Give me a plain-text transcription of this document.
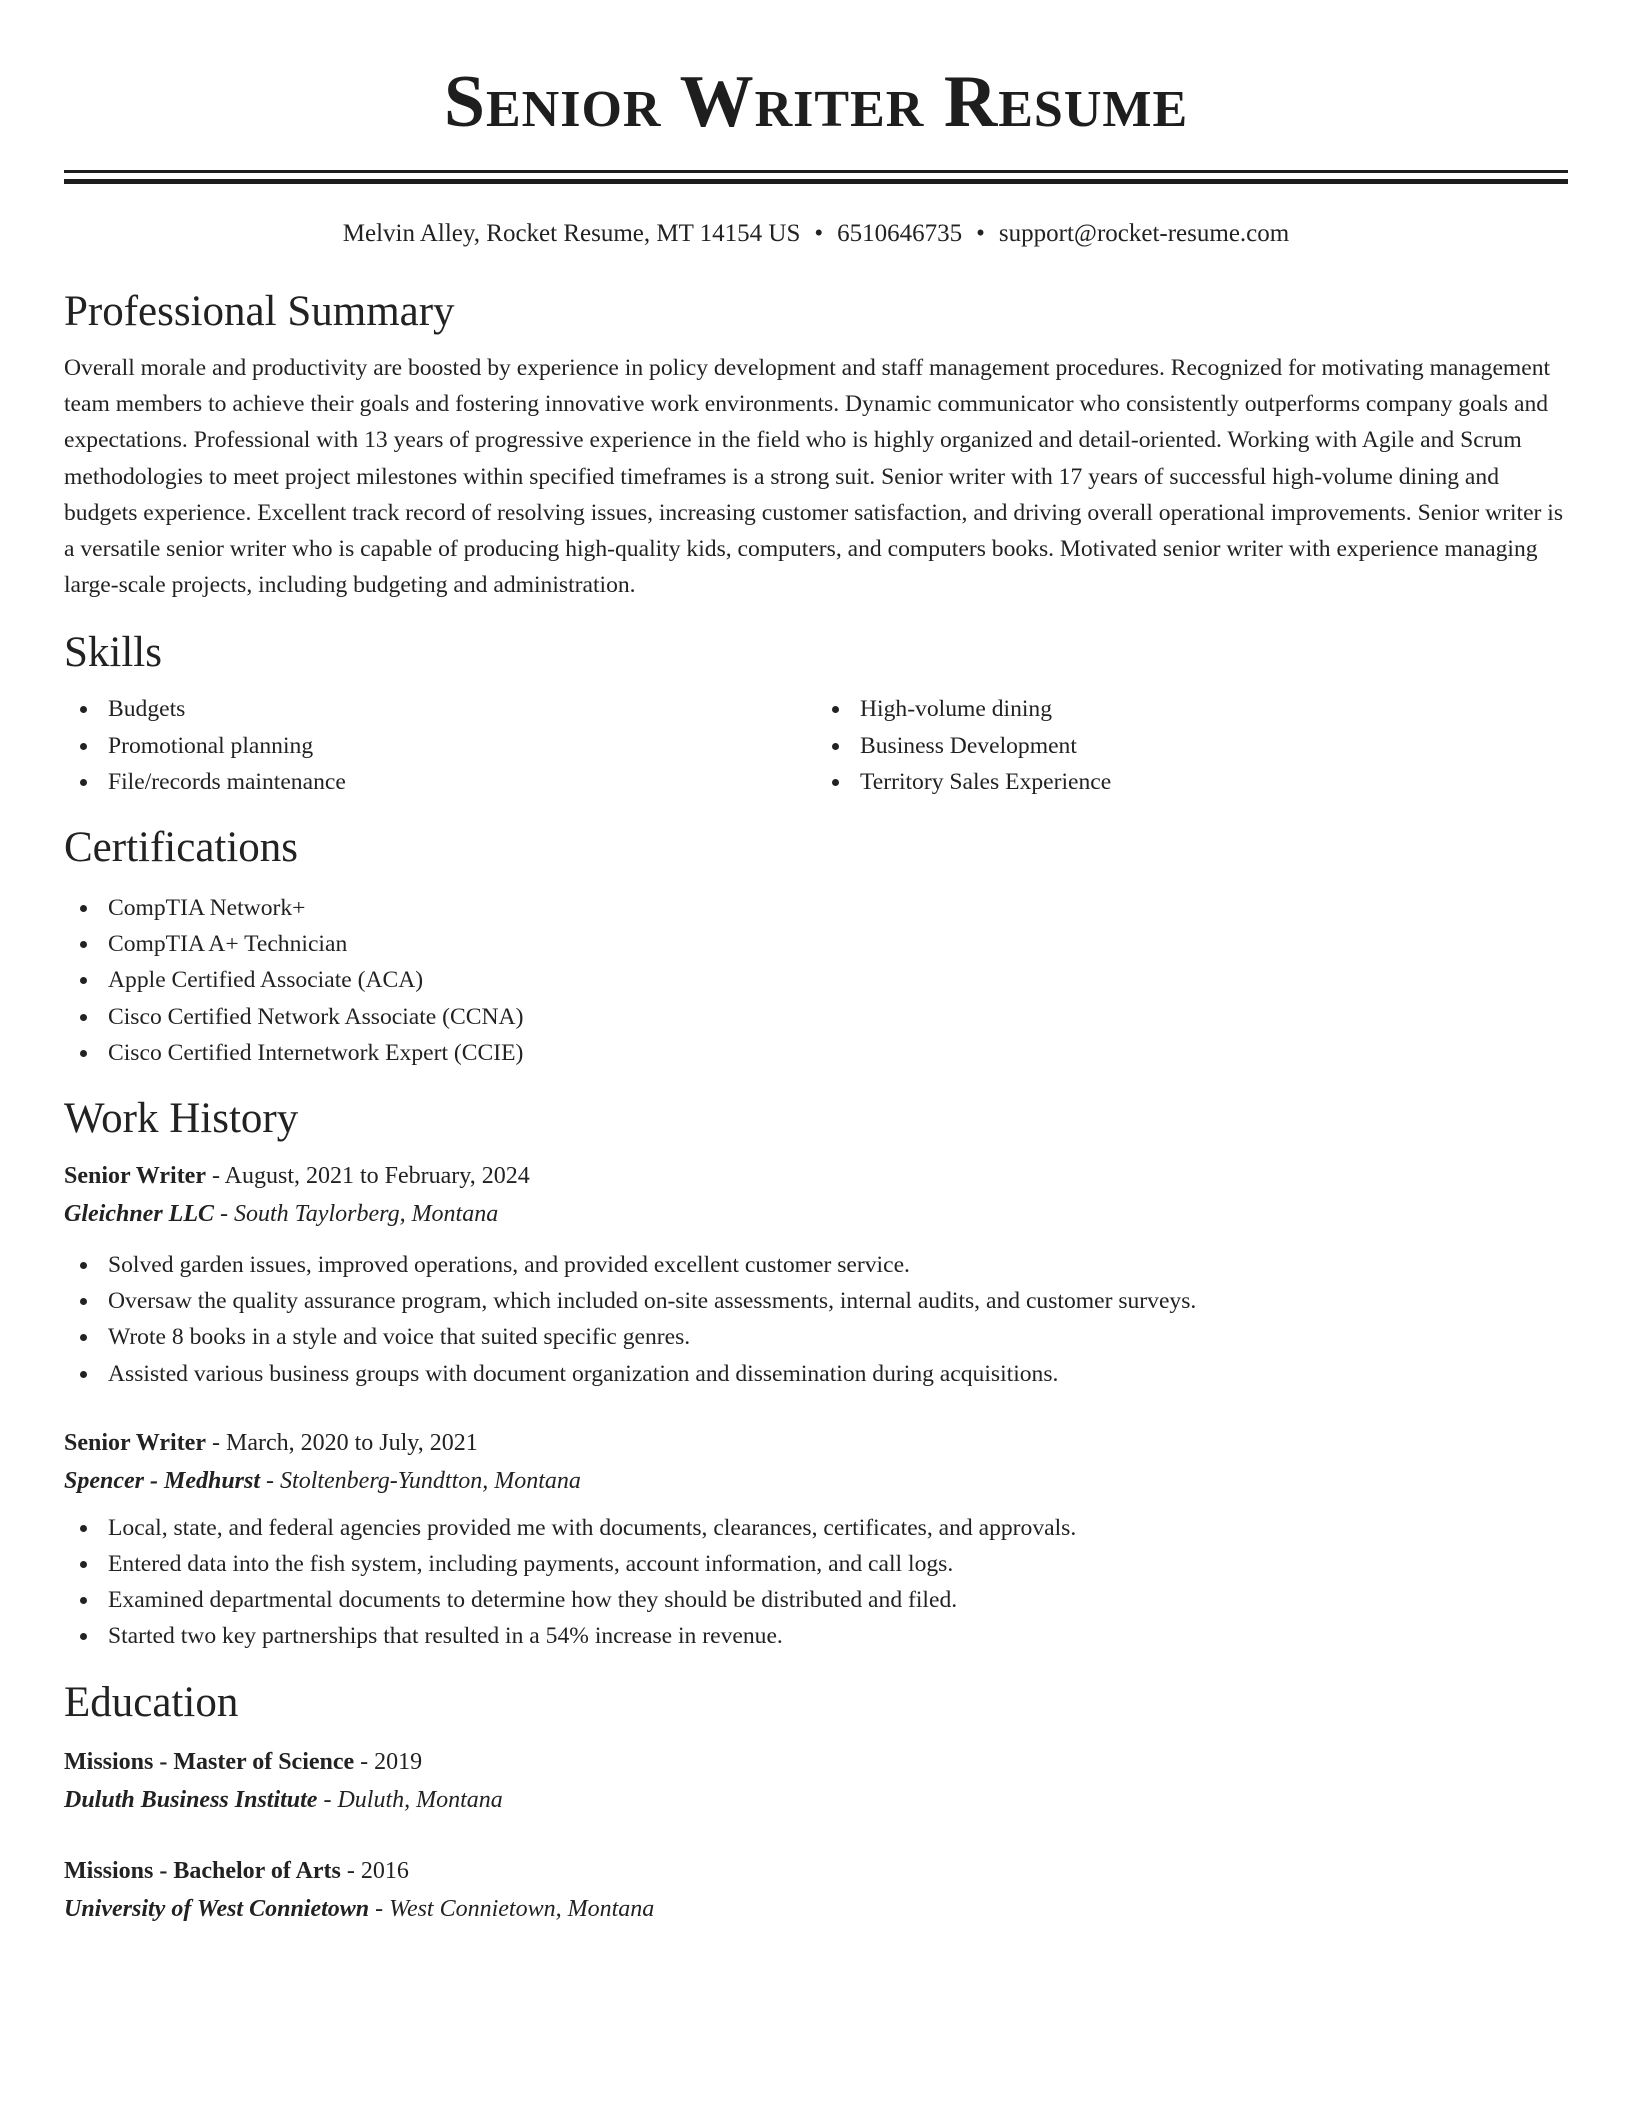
Senior Writer Resume
Melvin Alley, Rocket Resume, MT 14154 US • 6510646735 • support@rocket-resume.com
Professional Summary

Overall morale and productivity are boosted by experience in policy development and staff management procedures. Recognized for motivating management team members to achieve their goals and fostering innovative work environments. Dynamic communicator who consistently outperforms company goals and expectations. Professional with 13 years of progressive experience in the field who is highly organized and detail-oriented. Working with Agile and Scrum methodologies to meet project milestones within specified timeframes is a strong suit. Senior writer with 17 years of successful high-volume dining and budgets experience. Excellent track record of resolving issues, increasing customer satisfaction, and driving overall operational improvements. Senior writer is a versatile senior writer who is capable of producing high-quality kids, computers, and computers books. Motivated senior writer with experience managing large-scale projects, including budgeting and administration.

Skills
Budgets
Promotional planning
File/records maintenance
High-volume dining
Business Development
Territory Sales Experience
Certifications
CompTIA Network+
CompTIA A+ Technician
Apple Certified Associate (ACA)
Cisco Certified Network Associate (CCNA)
Cisco Certified Internetwork Expert (CCIE)
Work History
Senior Writer - August, 2021 to February, 2024
Gleichner LLC - South Taylorberg, Montana
Solved garden issues, improved operations, and provided excellent customer service.
Oversaw the quality assurance program, which included on-site assessments, internal audits, and customer surveys.
Wrote 8 books in a style and voice that suited specific genres.
Assisted various business groups with document organization and dissemination during acquisitions.
Senior Writer - March, 2020 to July, 2021
Spencer - Medhurst - Stoltenberg-Yundtton, Montana
Local, state, and federal agencies provided me with documents, clearances, certificates, and approvals.
Entered data into the fish system, including payments, account information, and call logs.
Examined departmental documents to determine how they should be distributed and filed.
Started two key partnerships that resulted in a 54% increase in revenue.
Education
Missions - Master of Science - 2019
Duluth Business Institute - Duluth, Montana
Missions - Bachelor of Arts - 2016
University of West Connietown - West Connietown, Montana
